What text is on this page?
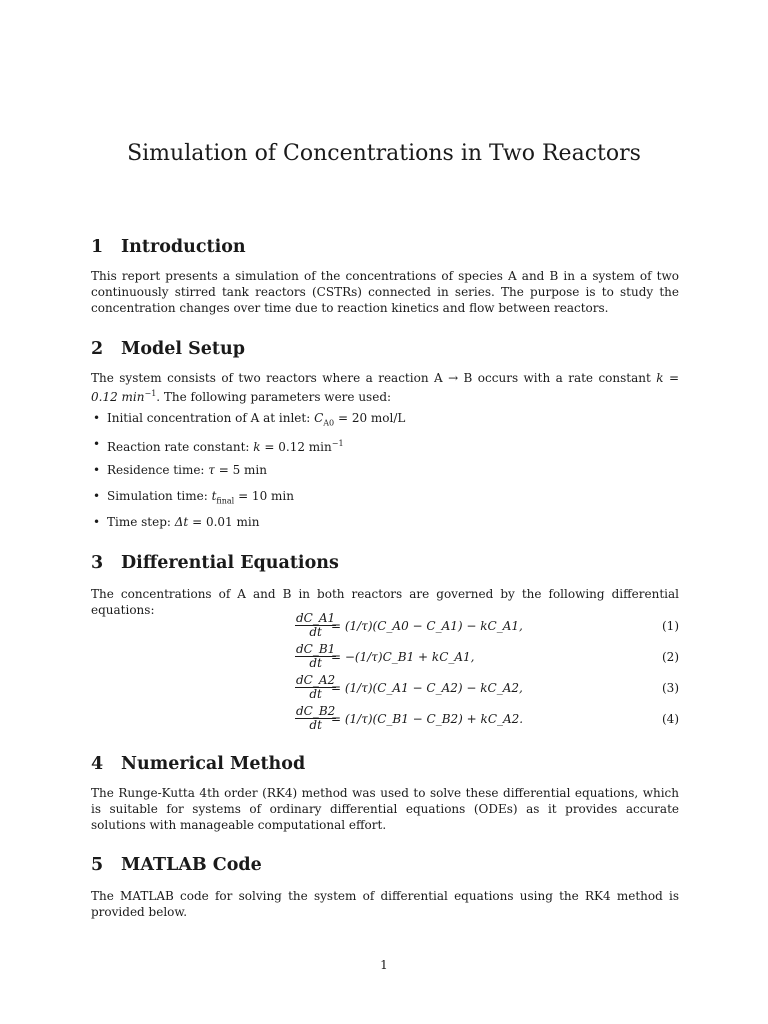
Simulation of Concentrations in Two Reactors
1 Introduction

This report presents a simulation of the concentrations of species A and B in a system of two continuously stirred tank reactors (CSTRs) connected in series. The purpose is to study the concentration changes over time due to reaction kinetics and flow between reactors.

2 Model Setup

The system consists of two reactors where a reaction A → B occurs with a rate constant k = 0.12 $\min^{-1}$. The following parameters were used:

• Initial concentration of A at inlet: $C_{A0} = 20$ mol/L
• Reaction rate constant: k = 0.12 $\min^{-1}$
• Residence time: τ = 5 min
• Simulation time: $t_{final} = 10$ min
• Time step: Δt = 0.01 min
3 Differential Equations

The concentrations of A and B in both reactors are governed by the following differential equations:

$\frac{dC\_A1}{dt}$
= (1/τ)(C_A0 − C_A1) − kC_A1,	(1)
$\frac{dC\_B1}{dt}$
= −(1/τ)C_B1 + kC_A1,	(2)
$\frac{dC\_A2}{dt}$
= (1/τ)(C_A1 − C_A2) − kC_A2,	(3)
$\frac{dC\_B2}{dt}$
= (1/τ)(C_B1 − C_B2) + kC_A2.	(4)
4 Numerical Method

The Runge-Kutta 4th order (RK4) method was used to solve these differential equations, which is suitable for systems of ordinary differential equations (ODEs) as it provides accurate solutions with manageable computational effort.

5 MATLAB Code

The MATLAB code for solving the system of differential equations using the RK4 method is provided below.

1
